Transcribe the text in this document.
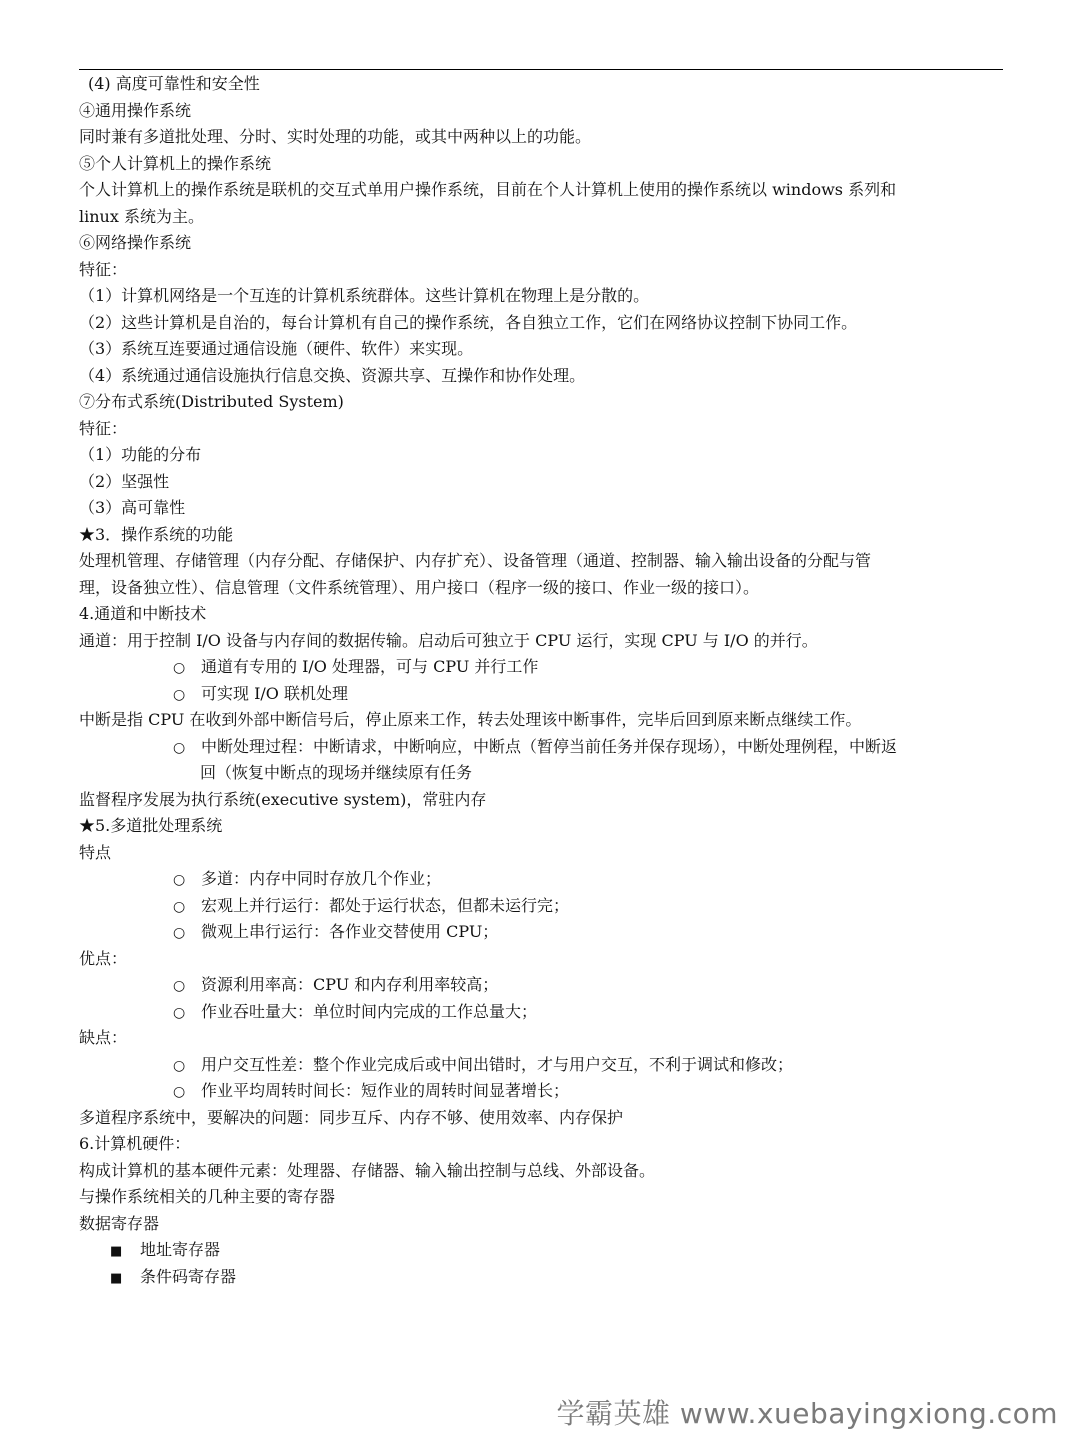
(4) 高度可靠性和安全性
④通用操作系统
同时兼有多道批处理、分时、实时处理的功能，或其中两种以上的功能。
⑤个人计算机上的操作系统
个人计算机上的操作系统是联机的交互式单用户操作系统，目前在个人计算机上使用的操作系统以 windows 系列和
linux 系统为主。
⑥网络操作系统
特征：
（1）计算机网络是一个互连的计算机系统群体。这些计算机在物理上是分散的。
（2）这些计算机是自治的，每台计算机有自己的操作系统，各自独立工作，它们在网络协议控制下协同工作。
（3）系统互连要通过通信设施（硬件、软件）来实现。
（4）系统通过通信设施执行信息交换、资源共享、互操作和协作处理。
⑦分布式系统(Distributed System)
特征：
（1）功能的分布
（2）坚强性
（3）高可靠性
★3．操作系统的功能
处理机管理、存储管理（内存分配、存储保护、内存扩充）、设备管理（通道、控制器、输入输出设备的分配与管
理，设备独立性）、信息管理（文件系统管理）、用户接口（程序一级的接口、作业一级的接口）。
4.通道和中断技术
通道：用于控制 I/O 设备与内存间的数据传输。启动后可独立于 CPU 运行，实现 CPU 与 I/O 的并行。
○ 通道有专用的 I/O 处理器，可与 CPU 并行工作
○ 可实现 I/O 联机处理
中断是指 CPU 在收到外部中断信号后，停止原来工作，转去处理该中断事件，完毕后回到原来断点继续工作。
○ 中断处理过程：中断请求，中断响应，中断点（暂停当前任务并保存现场），中断处理例程，中断返
回（恢复中断点的现场并继续原有任务
监督程序发展为执行系统(executive system)，常驻内存
★5.多道批处理系统
特点
○ 多道：内存中同时存放几个作业；
○ 宏观上并行运行：都处于运行状态，但都未运行完；
○ 微观上串行运行：各作业交替使用 CPU；
优点：
○ 资源利用率高：CPU 和内存利用率较高；
○ 作业吞吐量大：单位时间内完成的工作总量大；
缺点：
○ 用户交互性差：整个作业完成后或中间出错时，才与用户交互，不利于调试和修改；
○ 作业平均周转时间长：短作业的周转时间显著增长；
多道程序系统中，要解决的问题：同步互斥、内存不够、使用效率、内存保护
6.计算机硬件：
构成计算机的基本硬件元素：处理器、存储器、输入输出控制与总线、外部设备。
与操作系统相关的几种主要的寄存器
数据寄存器
■ 地址寄存器
■ 条件码寄存器
学霸英雄 www.xuebayingxiong.com
